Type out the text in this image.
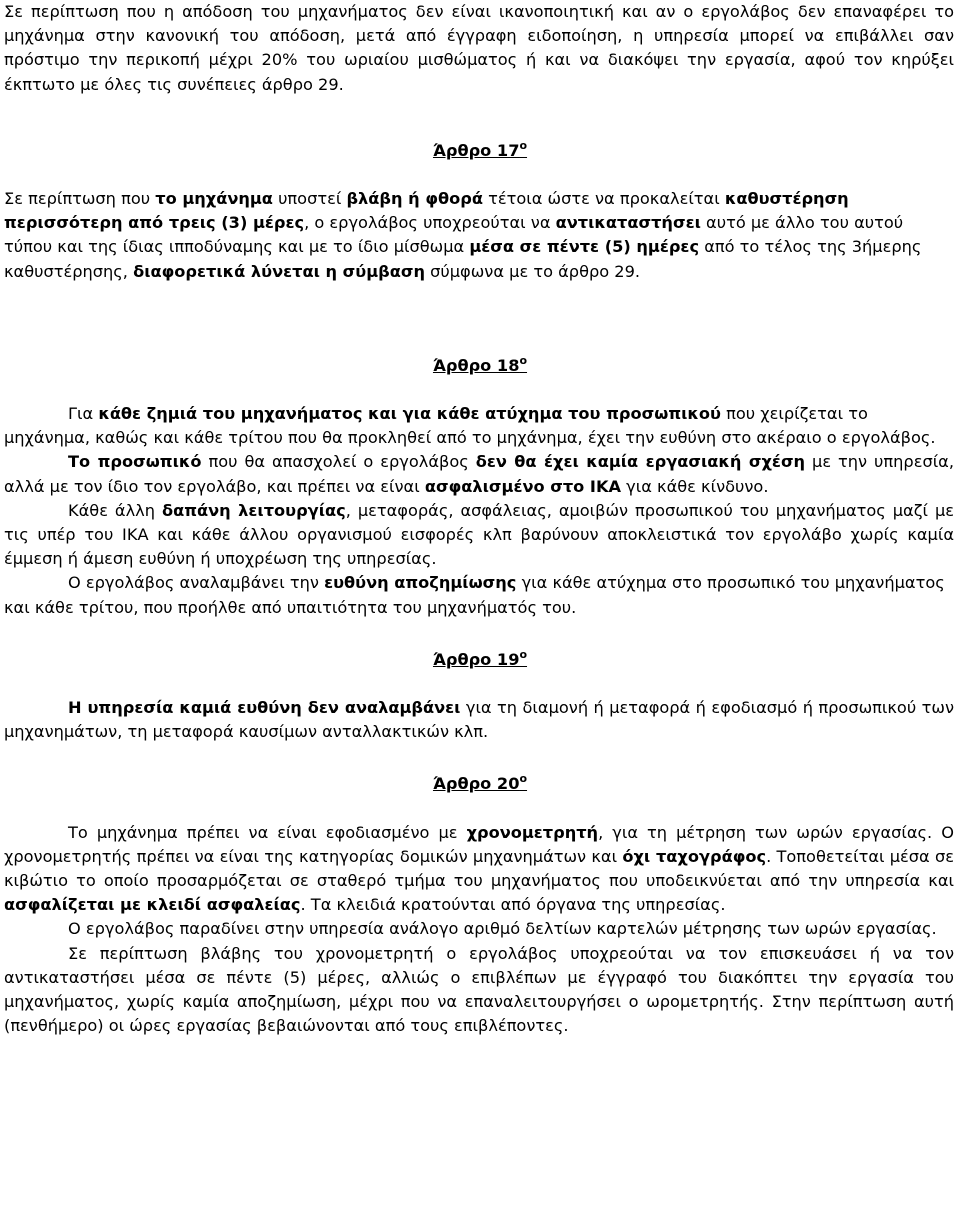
Σε περίπτωση που η απόδοση του μηχανήματος δεν είναι ικανοποιητική και αν ο εργολάβος δεν επαναφέρει το μηχάνημα στην κανονική του απόδοση, μετά από έγγραφη ειδοποίηση, η υπηρεσία μπορεί να επιβάλλει σαν πρόστιμο την περικοπή μέχρι 20% του ωριαίου μισθώματος ή και να διακόψει την εργασία, αφού τον κηρύξει έκπτωτο με όλες τις συνέπειες άρθρο 29.

Άρθρο $17^o$

Σε περίπτωση που το μηχάνημα υποστεί βλάβη ή φθορά τέτοια ώστε να προκαλείται καθυστέρηση περισσότερη από τρεις (3) μέρες, ο εργολάβος υποχρεούται να αντικαταστήσει αυτό με άλλο του αυτού τύπου και της ίδιας ιπποδύναμης και με το ίδιο μίσθωμα μέσα σε πέντε (5) ημέρες από το τέλος της 3ήμερης καθυστέρησης, διαφορετικά λύνεται η σύμβαση σύμφωνα με το άρθρο 29.

Άρθρο $18^o$

Για κάθε ζημιά του μηχανήματος και για κάθε ατύχημα του προσωπικού που χειρίζεται το μηχάνημα, καθώς και κάθε τρίτου που θα προκληθεί από το μηχάνημα, έχει την ευθύνη στο ακέραιο ο εργολάβος.

Το προσωπικό που θα απασχολεί ο εργολάβος δεν θα έχει καμία εργασιακή σχέση με την υπηρεσία, αλλά με τον ίδιο τον εργολάβο, και πρέπει να είναι ασφαλισμένο στο ΙΚΑ για κάθε κίνδυνο.

Κάθε άλλη δαπάνη λειτουργίας, μεταφοράς, ασφάλειας, αμοιβών προσωπικού του μηχανήματος μαζί με τις υπέρ του ΙΚΑ και κάθε άλλου οργανισμού εισφορές κλπ βαρύνουν αποκλειστικά τον εργολάβο χωρίς καμία έμμεση ή άμεση ευθύνη ή υποχρέωση της υπηρεσίας.

Ο εργολάβος αναλαμβάνει την ευθύνη αποζημίωσης για κάθε ατύχημα στο προσωπικό του μηχανήματος και κάθε τρίτου, που προήλθε από υπαιτιότητα του μηχανήματός του.

Άρθρο $19^o$

Η υπηρεσία καμιά ευθύνη δεν αναλαμβάνει για τη διαμονή ή μεταφορά ή εφοδιασμό ή προσωπικού των μηχανημάτων, τη μεταφορά καυσίμων ανταλλακτικών κλπ.

Άρθρο $20^o$

Το μηχάνημα πρέπει να είναι εφοδιασμένο με χρονομετρητή, για τη μέτρηση των ωρών εργασίας. Ο χρονομετρητής πρέπει να είναι της κατηγορίας δομικών μηχανημάτων και όχι ταχογράφος. Τοποθετείται μέσα σε κιβώτιο το οποίο προσαρμόζεται σε σταθερό τμήμα του μηχανήματος που υποδεικνύεται από την υπηρεσία και ασφαλίζεται με κλειδί ασφαλείας. Τα κλειδιά κρατούνται από όργανα της υπηρεσίας.

Ο εργολάβος παραδίνει στην υπηρεσία ανάλογο αριθμό δελτίων καρτελών μέτρησης των ωρών εργασίας.

Σε περίπτωση βλάβης του χρονομετρητή ο εργολάβος υποχρεούται να τον επισκευάσει ή να τον αντικαταστήσει μέσα σε πέντε (5) μέρες, αλλιώς ο επιβλέπων με έγγραφό του διακόπτει την εργασία του μηχανήματος, χωρίς καμία αποζημίωση, μέχρι που να επαναλειτουργήσει ο ωρομετρητής. Στην περίπτωση αυτή (πενθήμερο) οι ώρες εργασίας βεβαιώνονται από τους επιβλέποντες.
